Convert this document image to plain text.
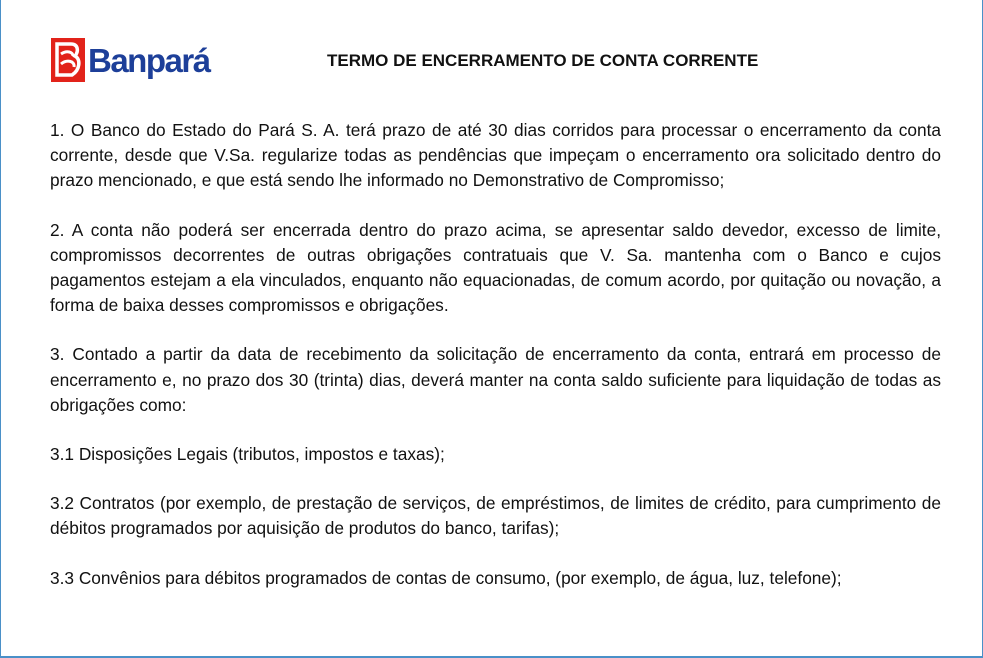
Banpará	TERMO DE ENCERRAMENTO DE CONTA CORRENTE

1. O Banco do Estado do Pará S. A. terá prazo de até 30 dias corridos para processar o encerramento da conta corrente, desde que V.Sa. regularize todas as pendências que impeçam o encerramento ora solicitado dentro do prazo mencionado, e que está sendo lhe informado no Demonstrativo de Compromisso;

2. A conta não poderá ser encerrada dentro do prazo acima, se apresentar saldo devedor, excesso de limite, compromissos decorrentes de outras obrigações contratuais que V. Sa. mantenha com o Banco e cujos pagamentos estejam a ela vinculados, enquanto não equacionadas, de comum acordo, por quitação ou novação, a forma de baixa desses compromissos e obrigações.

3. Contado a partir da data de recebimento da solicitação de encerramento da conta, entrará em processo de encerramento e, no prazo dos 30 (trinta) dias, deverá manter na conta saldo suficiente para liquidação de todas as obrigações como:

3.1 Disposições Legais (tributos, impostos e taxas);

3.2 Contratos (por exemplo, de prestação de serviços, de empréstimos, de limites de crédito, para cumprimento de débitos programados por aquisição de produtos do banco, tarifas);

3.3 Convênios para débitos programados de contas de consumo, (por exemplo, de água, luz, telefone);
